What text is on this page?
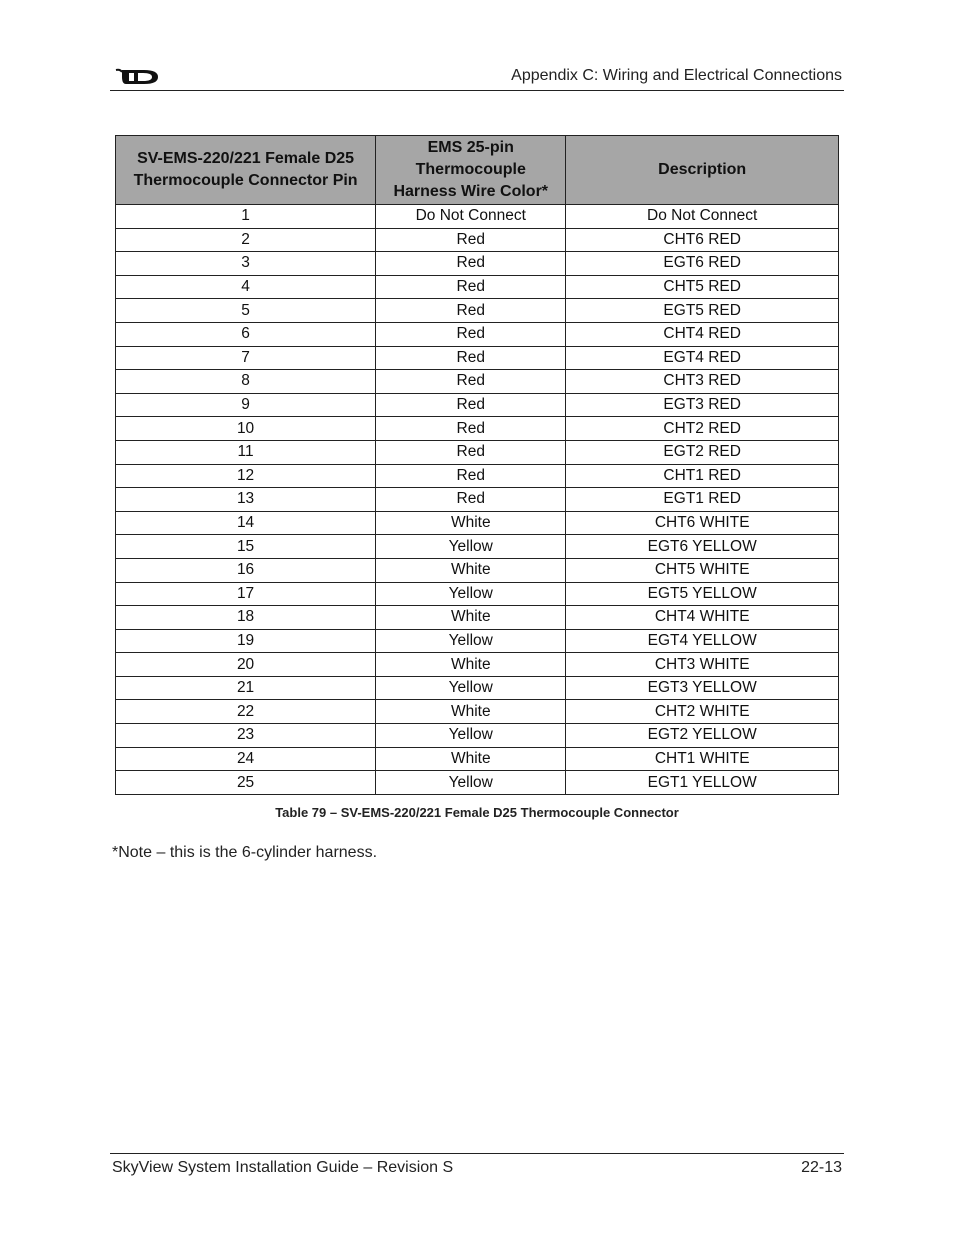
Appendix C: Wiring and Electrical Connections
SV-EMS-220/221 Female D25 Thermocouple Connector Pin	EMS 25-pin Thermocouple Harness Wire Color*	Description
1	Do Not Connect	Do Not Connect
2	Red	CHT6 RED
3	Red	EGT6 RED
4	Red	CHT5 RED
5	Red	EGT5 RED
6	Red	CHT4 RED
7	Red	EGT4 RED
8	Red	CHT3 RED
9	Red	EGT3 RED
10	Red	CHT2 RED
11	Red	EGT2 RED
12	Red	CHT1 RED
13	Red	EGT1 RED
14	White	CHT6 WHITE
15	Yellow	EGT6 YELLOW
16	White	CHT5 WHITE
17	Yellow	EGT5 YELLOW
18	White	CHT4 WHITE
19	Yellow	EGT4 YELLOW
20	White	CHT3 WHITE
21	Yellow	EGT3 YELLOW
22	White	CHT2 WHITE
23	Yellow	EGT2 YELLOW
24	White	CHT1 WHITE
25	Yellow	EGT1 YELLOW
Table 79 – SV-EMS-220/221 Female D25 Thermocouple Connector
*Note – this is the 6-cylinder harness.
SkyView System Installation Guide – Revision S	22-13
